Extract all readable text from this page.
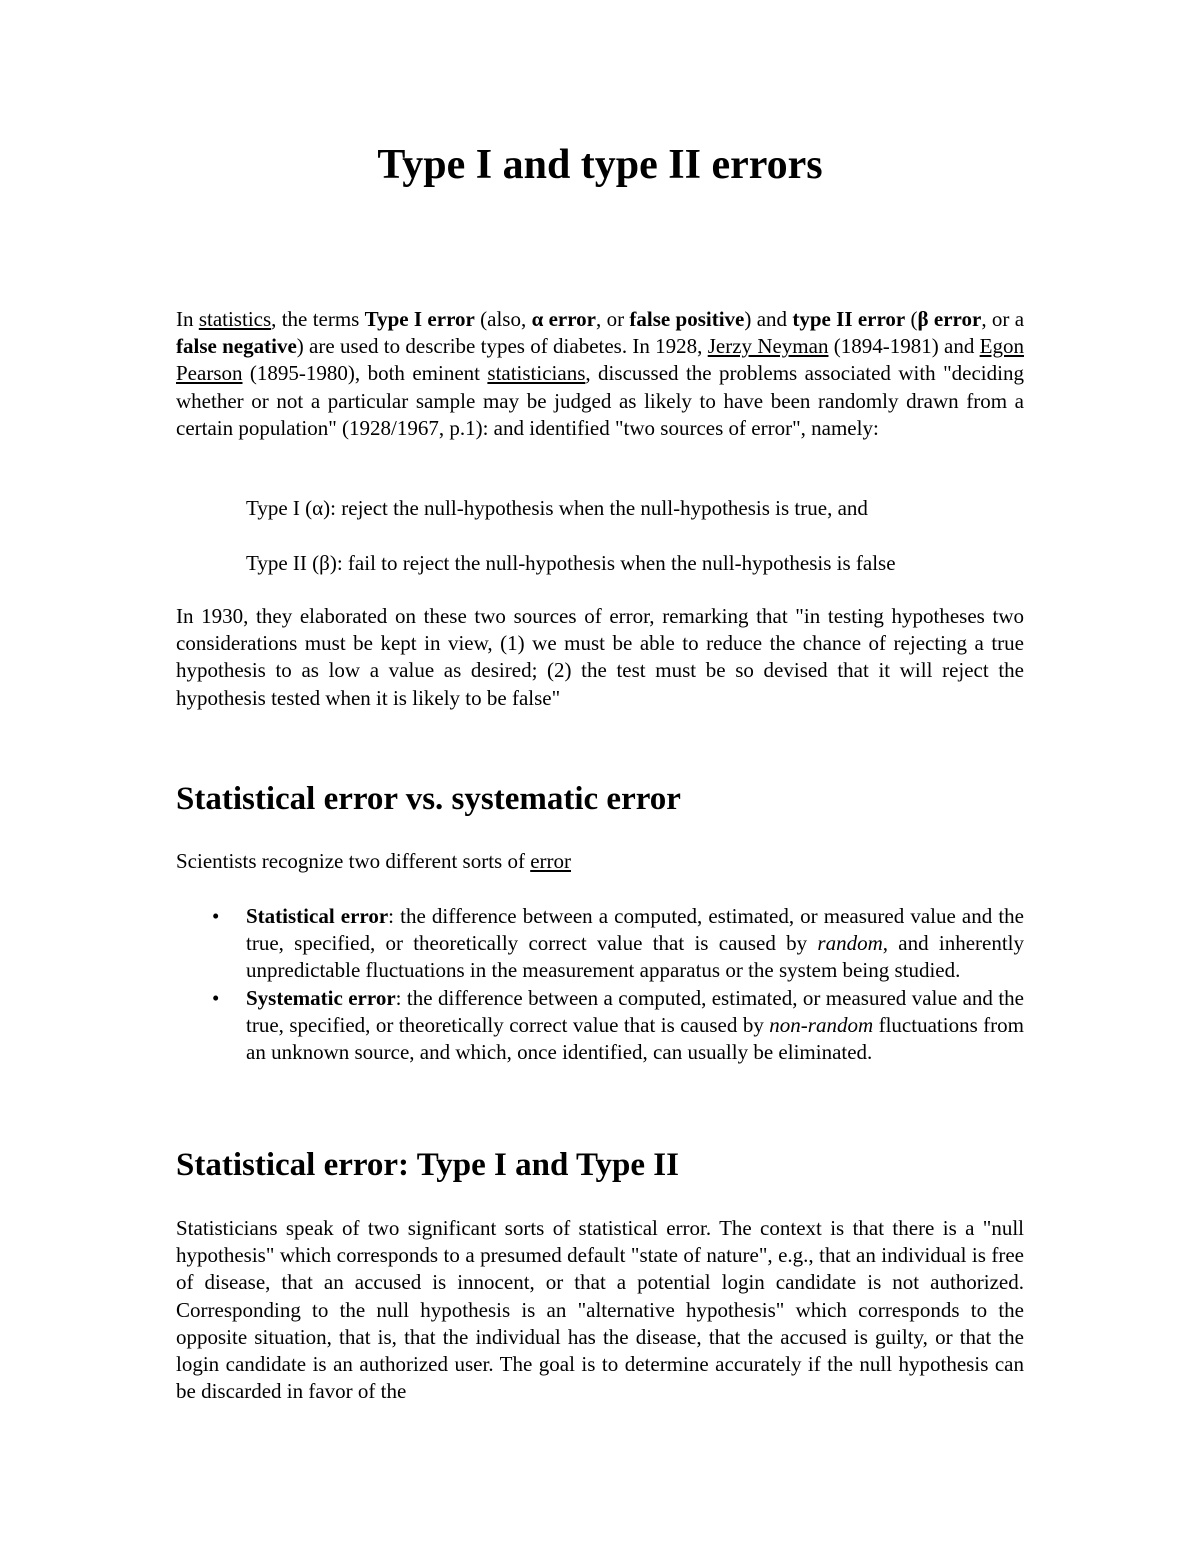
Type I and type II errors

In statistics, the terms Type I error (also, α error, or false positive) and type II error (β error, or a false negative) are used to describe types of diabetes. In 1928, Jerzy Neyman (1894-1981) and Egon Pearson (1895-1980), both eminent statisticians, discussed the problems associated with "deciding whether or not a particular sample may be judged as likely to have been randomly drawn from a certain population" (1928/1967, p.1): and identified "two sources of error", namely:

Type I (α): reject the null-hypothesis when the null-hypothesis is true, and
Type II (β): fail to reject the null-hypothesis when the null-hypothesis is false

In 1930, they elaborated on these two sources of error, remarking that "in testing hypotheses two considerations must be kept in view, (1) we must be able to reduce the chance of rejecting a true hypothesis to as low a value as desired; (2) the test must be so devised that it will reject the hypothesis tested when it is likely to be false"

Statistical error vs. systematic error

Scientists recognize two different sorts of error

• Statistical error: the difference between a computed, estimated, or measured value and the true, specified, or theoretically correct value that is caused by random, and inherently unpredictable fluctuations in the measurement apparatus or the system being studied.
• Systematic error: the difference between a computed, estimated, or measured value and the true, specified, or theoretically correct value that is caused by non-random fluctuations from an unknown source, and which, once identified, can usually be eliminated.
Statistical error: Type I and Type II

Statisticians speak of two significant sorts of statistical error. The context is that there is a "null hypothesis" which corresponds to a presumed default "state of nature", e.g., that an individual is free of disease, that an accused is innocent, or that a potential login candidate is not authorized. Corresponding to the null hypothesis is an "alternative hypothesis" which corresponds to the opposite situation, that is, that the individual has the disease, that the accused is guilty, or that the login candidate is an authorized user. The goal is to determine accurately if the null hypothesis can be discarded in favor of the
